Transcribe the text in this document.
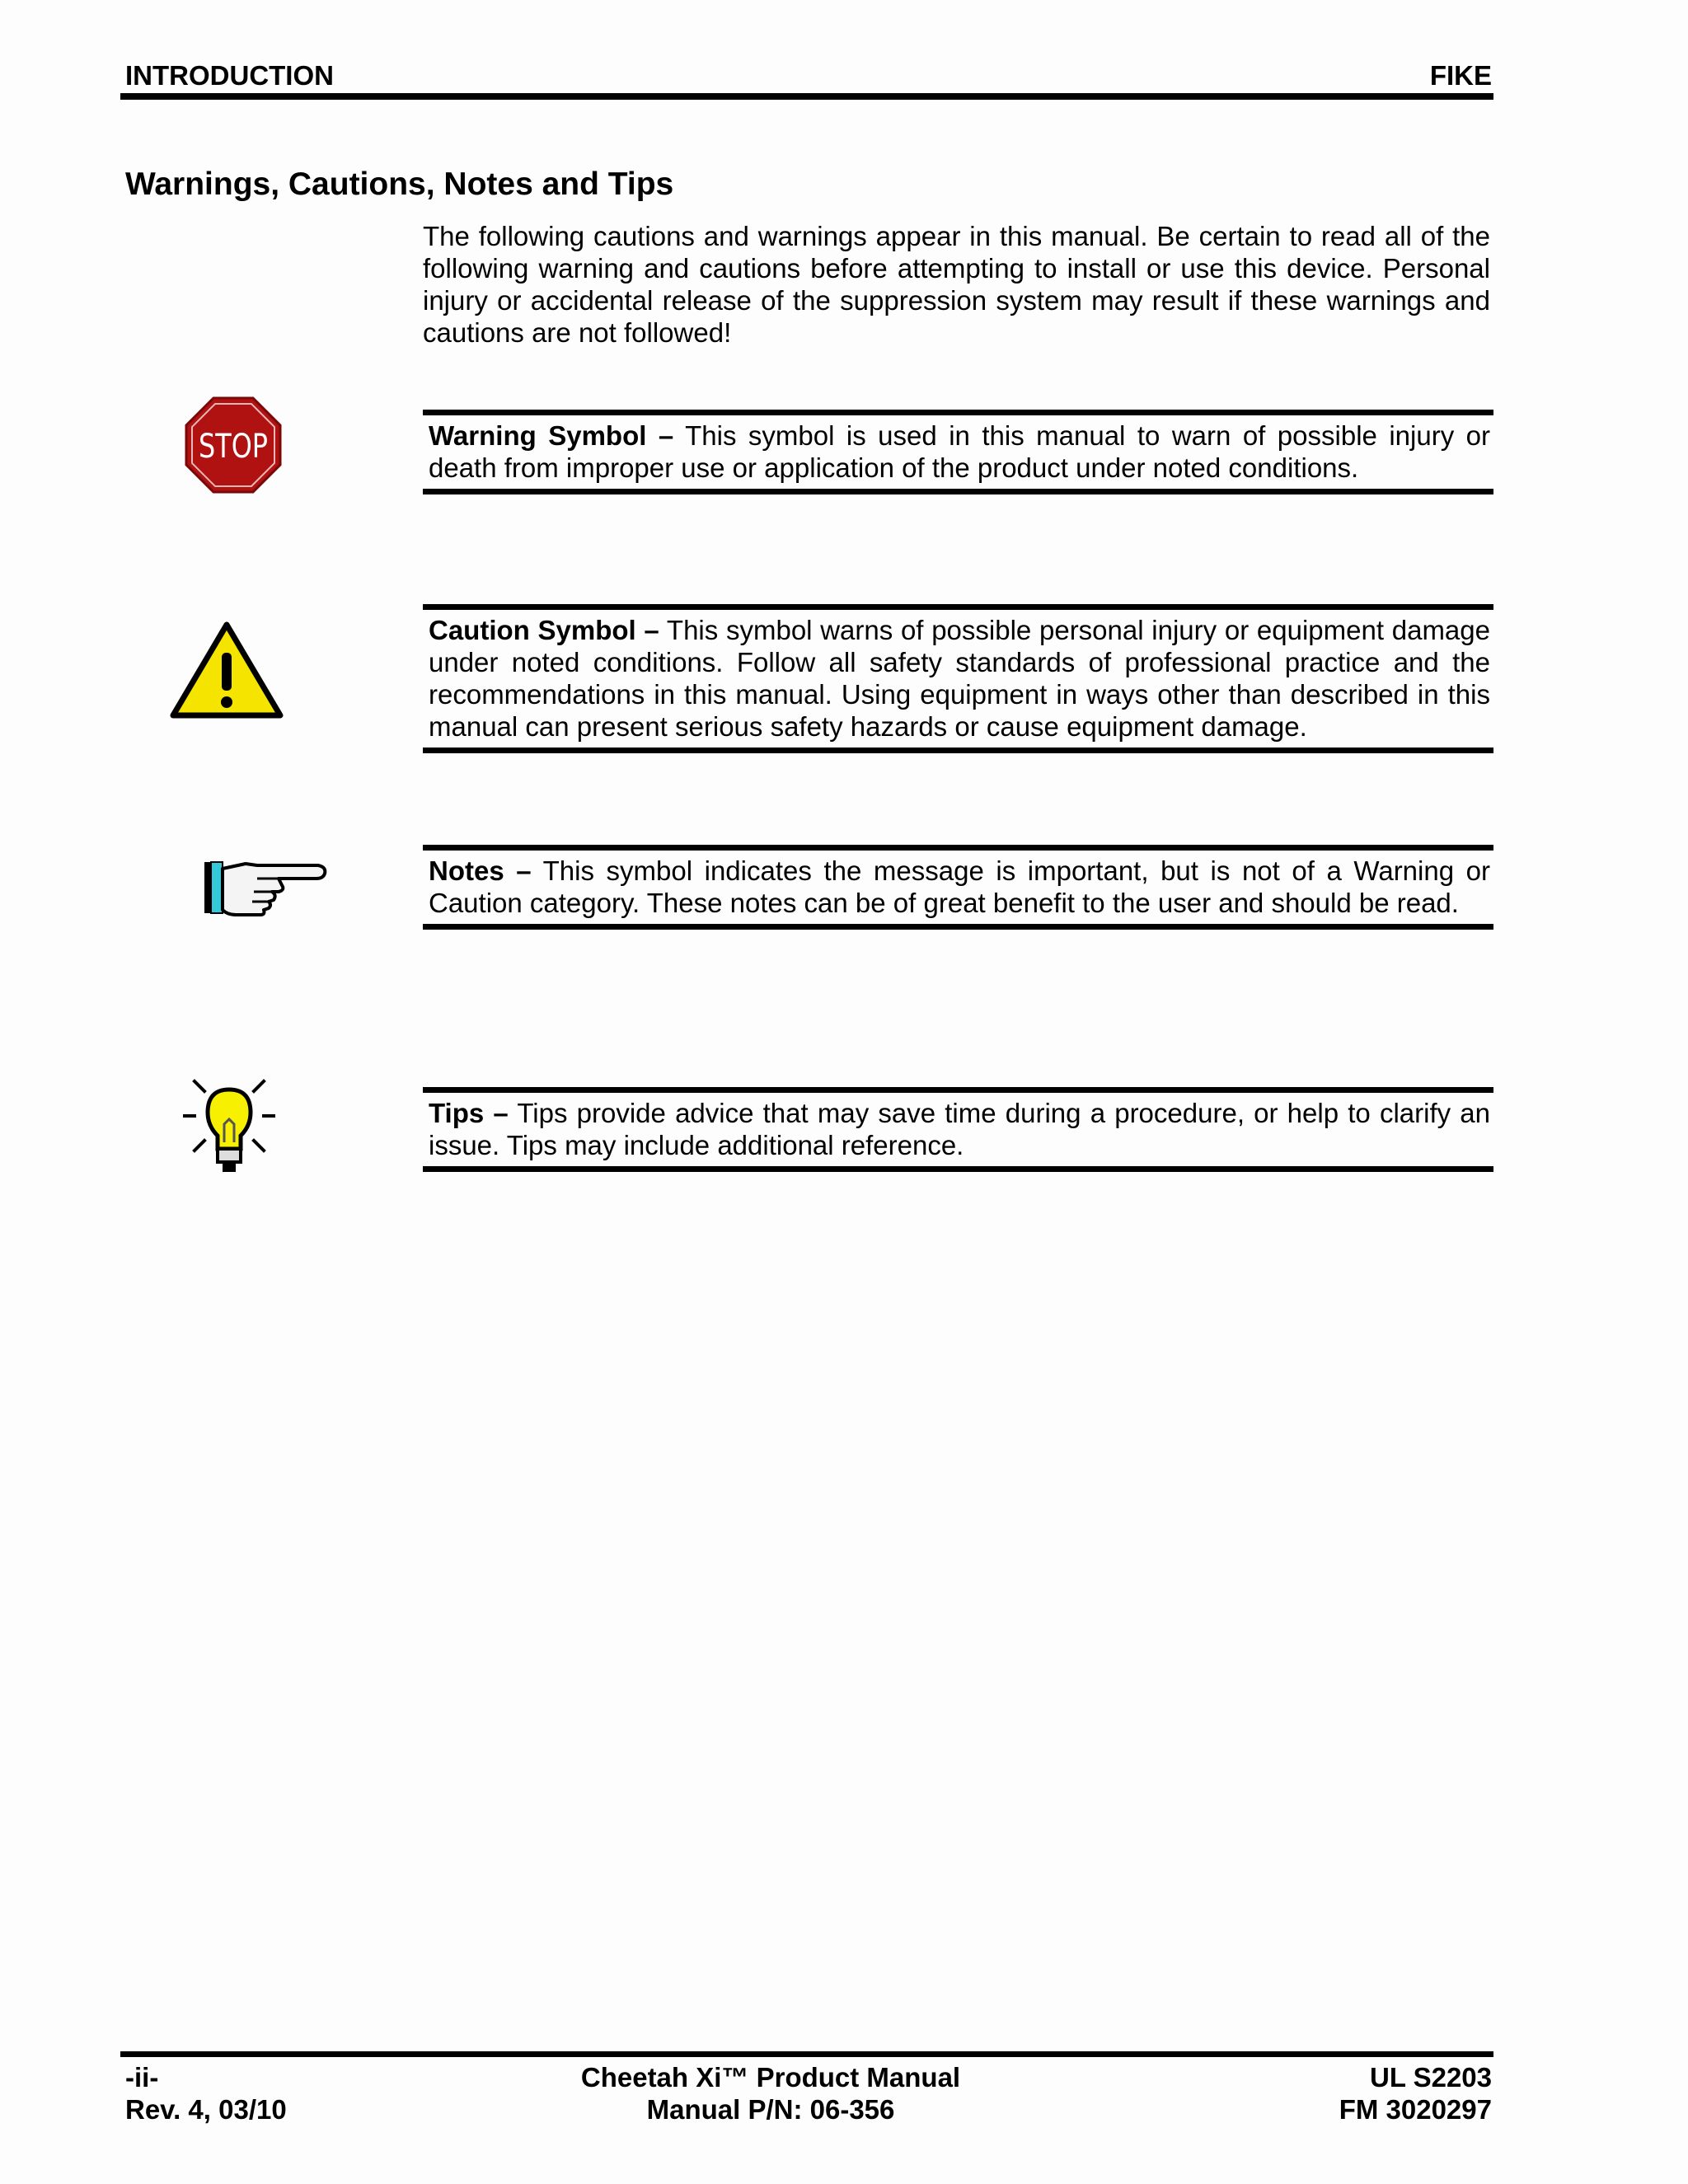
INTRODUCTION	FIKE
Warnings, Cautions, Notes and Tips
The following cautions and warnings appear in this manual. Be certain to read all of the following warning and cautions before attempting to install or use this device. Personal injury or accidental release of the suppression system may result if these warnings and cautions are not followed!
STOP	Warning Symbol – This symbol is used in this manual to warn of possible injury or death from improper use or application of the product under noted conditions.
Caution Symbol – This symbol warns of possible personal injury or equipment damage under noted conditions. Follow all safety standards of professional practice and the recommendations in this manual. Using equipment in ways other than described in this manual can present serious safety hazards or cause equipment damage.
Notes – This symbol indicates the message is important, but is not of a Warning or Caution category. These notes can be of great benefit to the user and should be read.
Tips – Tips provide advice that may save time during a procedure, or help to clarify an issue. Tips may include additional reference.
-ii-
Rev. 4, 03/10
Cheetah Xi™ Product Manual
Manual P/N: 06-356
UL S2203
FM 3020297
